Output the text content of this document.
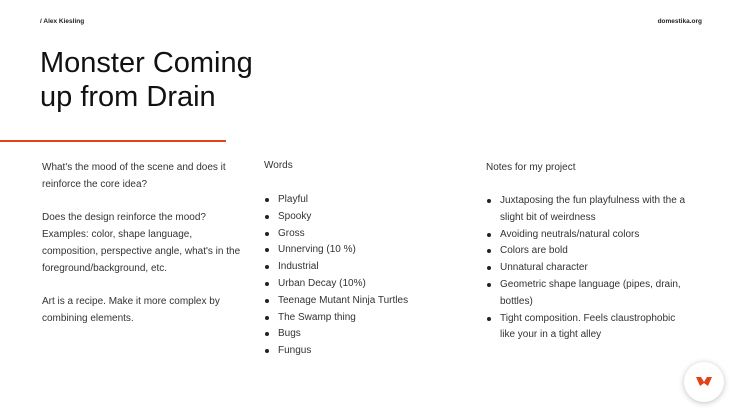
/ Alex Kiesling	domestika.org
Monster Coming
up from Drain

What's the mood of the scene and does it reinforce the core idea?

Does the design reinforce the mood? Examples: color, shape language, composition, perspective angle, what's in the foreground/background, etc.

Art is a recipe. Make it more complex by combining elements.

Words
Playful
Spooky
Gross
Unnerving (10 %)
Industrial
Urban Decay (10%)
Teenage Mutant Ninja Turtles
The Swamp thing
Bugs
Fungus
Notes for my project
Juxtaposing the fun playfulness with the a slight bit of weirdness
Avoiding neutrals/natural colors
Colors are bold
Unnatural character
Geometric shape language (pipes, drain, bottles)
Tight composition. Feels claustrophobic like your in a tight alley
